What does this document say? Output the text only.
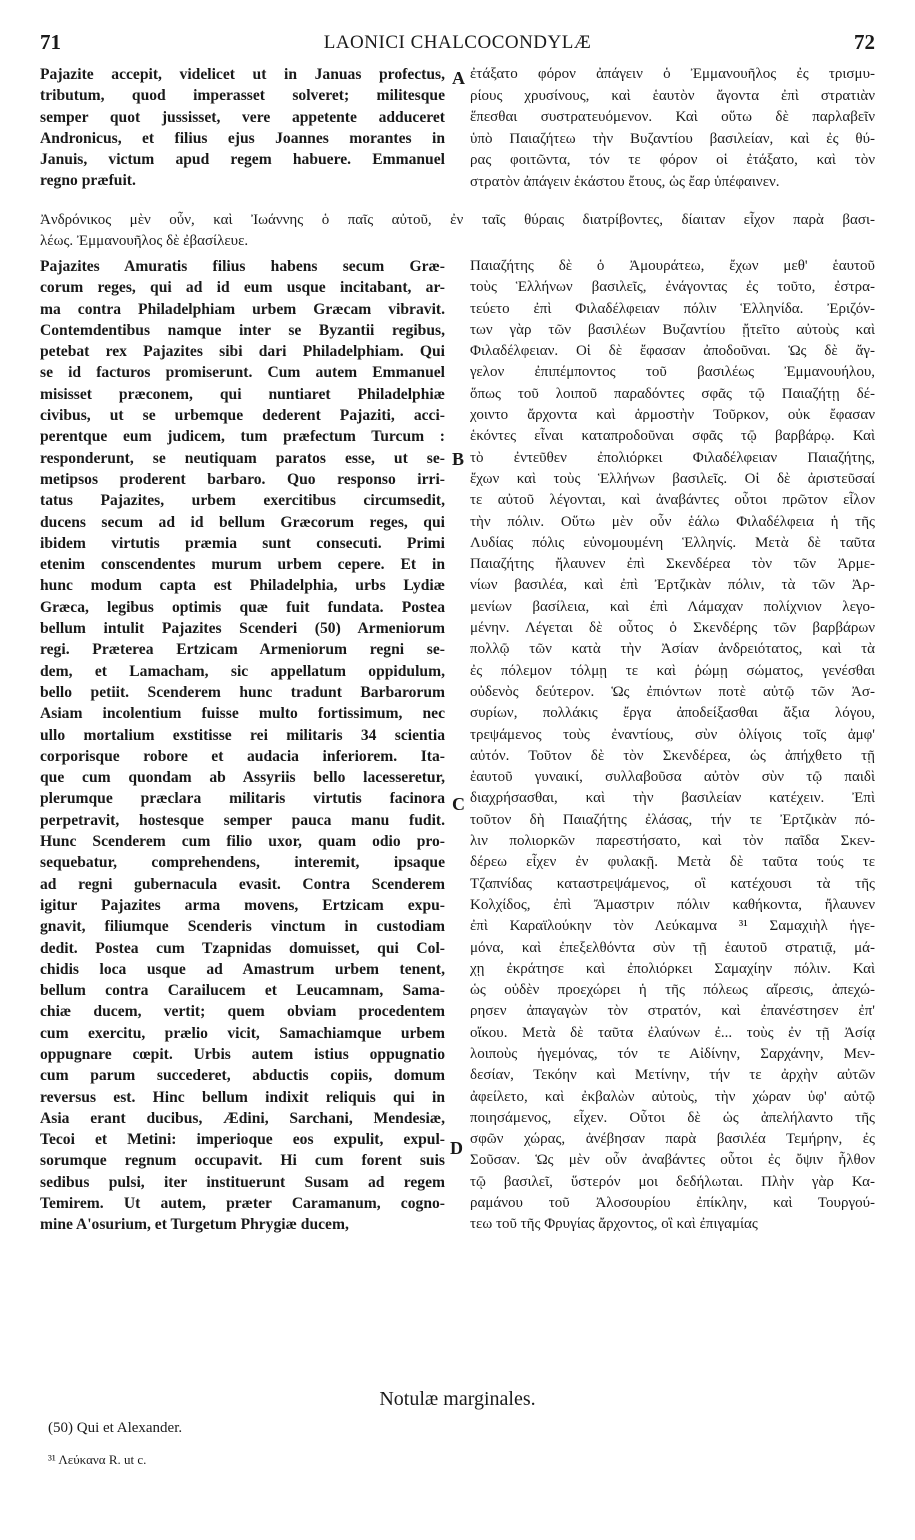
71	LAONICI CHALCOCONDYLÆ	72
Pajazite accepit, videlicet ut in Januas profectus,
tributum, quod imperasset solveret; militesque
semper quot jussisset, vere appetente adduceret
Andronicus, et filius ejus Joannes morantes in
Januis, victum apud regem habuere. Emmanuel
regno præfuit.
ἐτάξατο φόρον ἀπάγειν ὁ Ἐμμανουῆλος ἐς τρισμυ-
ρίους χρυσίνους, καὶ ἑαυτὸν ἄγοντα ἐπὶ στρατιὰν
ἕπεσθαι συστρατευόμενον. Καὶ οὕτω δὲ παρλαβεῖν
ὑπὸ Παιαζήτεω τὴν Βυζαντίου βασιλείαν, καὶ ἐς θύ-
ρας φοιτῶντα, τόν τε φόρον οἱ ἐτάξατο, καὶ τὸν
στρατὸν ἀπάγειν ἑκάστου ἔτους, ὡς ἔαρ ὑπέφαινεν.
Ἀνδρόνικος μὲν οὖν, καὶ Ἰωάννης ὁ παῖς αὐτοῦ, ἐν ταῖς θύραις διατρίβοντες, δίαιταν εἶχον παρὰ βασι-
λέως. Ἐμμανουῆλος δὲ ἐβασίλευε.
Pajazites Amuratis filius habens secum Græ-
corum reges, qui ad id eum usque incitabant, ar-
ma contra Philadelphiam urbem Græcam vibravit.
Contemdentibus namque inter se Byzantii regibus,
petebat rex Pajazites sibi dari Philadelphiam. Qui
se id facturos promiserunt. Cum autem Emmanuel
misisset præconem, qui nuntiaret Philadelphiæ
civibus, ut se urbemque dederent Pajaziti, acci-
perentque eum judicem, tum præfectum Turcum :
responderunt, se neutiquam paratos esse, ut se-
metipsos proderent barbaro. Quo responso irri-
tatus Pajazites, urbem exercitibus circumsedit,
ducens secum ad id bellum Græcorum reges, qui
ibidem virtutis præmia sunt consecuti. Primi
etenim conscendentes murum urbem cepere. Et in
hunc modum capta est Philadelphia, urbs Lydiæ
Græca, legibus optimis quæ fuit fundata. Postea
bellum intulit Pajazites Scenderi (50) Armeniorum
regi. Præterea Ertzicam Armeniorum regni se-
dem, et Lamacham, sic appellatum oppidulum,
bello petiit. Scenderem hunc tradunt Barbarorum
Asiam incolentium fuisse multo fortissimum, nec
ullo mortalium exstitisse rei militaris 34 scientia
corporisque robore et audacia inferiorem. Ita-
que cum quondam ab Assyriis bello lacesseretur,
plerumque præclara militaris virtutis facinora
perpetravit, hostesque semper pauca manu fudit.
Hunc Scenderem cum filio uxor, quam odio pro-
sequebatur, comprehendens, interemit, ipsaque
ad regni gubernacula evasit. Contra Scenderem
igitur Pajazites arma movens, Ertzicam expu-
gnavit, filiumque Scenderis vinctum in custodiam
dedit. Postea cum Tzapnidas domuisset, qui Col-
chidis loca usque ad Amastrum urbem tenent,
bellum contra Carailucem et Leucamnam, Sama-
chiæ ducem, vertit; quem obviam procedentem
cum exercitu, prælio vicit, Samachiamque urbem
oppugnare cœpit. Urbis autem istius oppugnatio
cum parum succederet, abductis copiis, domum
reversus est. Hinc bellum indixit reliquis qui in
Asia erant ducibus, Ædini, Sarchani, Mendesiæ,
Tecoi et Metini: imperioque eos expulit, expul-
sorumque regnum occupavit. Hi cum forent suis
sedibus pulsi, iter instituerunt Susam ad regem
Temirem. Ut autem, præter Caramanum, cogno-
mine A'osurium, et Turgetum Phrygiæ ducem,
Παιαζήτης δὲ ὁ Ἀμουράτεω, ἔχων μεθ' ἑαυτοῦ
τοὺς Ἑλλήνων βασιλεῖς, ἐνάγοντας ἐς τοῦτο, ἐστρα-
τεύετο ἐπὶ Φιλαδέλφειαν πόλιν Ἑλληνίδα. Ἐριζόν-
των γὰρ τῶν βασιλέων Βυζαντίου ᾔτεῖτο αὐτοὺς καὶ
Φιλαδέλφειαν. Οἱ δὲ ἔφασαν ἀποδοῦναι. Ὡς δὲ ἄγ-
γελον ἐπιπέμποντος τοῦ βασιλέως Ἐμμανουήλου,
ὅπως τοῦ λοιποῦ παραδόντες σφᾶς τῷ Παιαζήτῃ δέ-
χοιντο ἄρχοντα καὶ ἁρμοστὴν Τοῦρκον, οὐκ ἔφασαν
ἑκόντες εἶναι καταπροδοῦναι σφᾶς τῷ βαρβάρῳ. Καὶ
τὸ ἐντεῦθεν ἐπολιόρκει Φιλαδέλφειαν Παιαζήτης,
ἔχων καὶ τοὺς Ἑλλήνων βασιλεῖς. Οἱ δὲ ἀριστεῦσαί
τε αὐτοῦ λέγονται, καὶ ἀναβάντες οὗτοι πρῶτον εἷλον
τὴν πόλιν. Οὕτω μὲν οὖν ἑάλω Φιλαδέλφεια ἡ τῆς
Λυδίας πόλις εὐνομουμένη Ἑλληνίς. Μετὰ δὲ ταῦτα
Παιαζήτης ἤλαυνεν ἐπὶ Σκενδέρεα τὸν τῶν Ἀρμε-
νίων βασιλέα, καὶ ἐπὶ Ἐρτζικὰν πόλιν, τὰ τῶν Ἀρ-
μενίων βασίλεια, καὶ ἐπὶ Λάμαχαν πολίχνιον λεγο-
μένην. Λέγεται δὲ οὗτος ὁ Σκενδέρης τῶν βαρβάρων
πολλῷ τῶν κατὰ τὴν Ἀσίαν ἀνδρειότατος, καὶ τὰ
ἐς πόλεμον τόλμῃ τε καὶ ῥώμῃ σώματος, γενέσθαι
οὐδενὸς δεύτερον. Ὡς ἐπιόντων ποτὲ αὐτῷ τῶν Ἀσ-
συρίων, πολλάκις ἔργα ἀποδείξασθαι ἄξια λόγου,
τρεψάμενος τοὺς ἐναντίους, σὺν ὀλίγοις τοῖς ἀμφ'
αὐτόν. Τοῦτον δὲ τὸν Σκενδέρεα, ὡς ἀπήχθετο τῇ
ἑαυτοῦ γυναικί, συλλαβοῦσα αὐτὸν σὺν τῷ παιδὶ
διαχρήσασθαι, καὶ τὴν βασιλείαν κατέχειν. Ἐπὶ
τοῦτον δὴ Παιαζήτης ἐλάσας, τήν τε Ἐρτζικὰν πό-
λιν πολιορκῶν παρεστήσατο, καὶ τὸν παῖδα Σκεν-
δέρεω εἶχεν ἐν φυλακῇ. Μετὰ δὲ ταῦτα τούς τε
Τζαπνίδας καταστρεψάμενος, οἳ κατέχουσι τὰ τῆς
Κολχίδος, ἐπὶ Ἄμαστριν πόλιν καθήκοντα, ἤλαυνεν
ἐπὶ Καραϊλούκην τὸν Λεύκαμνα ³¹ Σαμαχιὴλ ἡγε-
μόνα, καὶ ἐπεξελθόντα σὺν τῇ ἑαυτοῦ στρατιᾷ, μά-
χῃ ἐκράτησε καὶ ἐπολιόρκει Σαμαχίην πόλιν. Καὶ
ὡς οὐδὲν προεχώρει ἡ τῆς πόλεως αἵρεσις, ἀπεχώ-
ρησεν ἀπαγαγὼν τὸν στρατόν, καὶ ἐπανέστησεν ἐπ'
οἴκου. Μετὰ δὲ ταῦτα ἐλαύνων ἐ... τοὺς ἐν τῇ Ἀσίᾳ
λοιποὺς ἡγεμόνας, τόν τε Αἰδίνην, Σαρχάνην, Μεν-
δεσίαν, Τεκόην καὶ Μετίνην, τήν τε ἀρχὴν αὐτῶν
ἀφείλετο, καὶ ἐκβαλὼν αὐτοὺς, τὴν χώραν ὑφ' αὑτῷ
ποιησάμενος, εἶχεν. Οὗτοι δὲ ὡς ἀπελήλαντο τῆς
σφῶν χώρας, ἀνέβησαν παρὰ βασιλέα Τεμήρην, ἐς
Σοῦσαν. Ὡς μὲν οὖν ἀναβάντες οὗτοι ἐς ὄψιν ἦλθον
τῷ βασιλεῖ, ὕστερόν μοι δεδήλωται. Πλὴν γὰρ Κα-
ραμάνου τοῦ Ἀλοσουρίου ἐπίκλην, καὶ Τουργού-
τεω τοῦ τῆς Φρυγίας ἄρχοντος, οἳ καὶ ἐπιγαμίας
A
B
C
D
Notulæ marginales.
(50) Qui et Alexander.
³¹ Λεύκανα R. ut c.
